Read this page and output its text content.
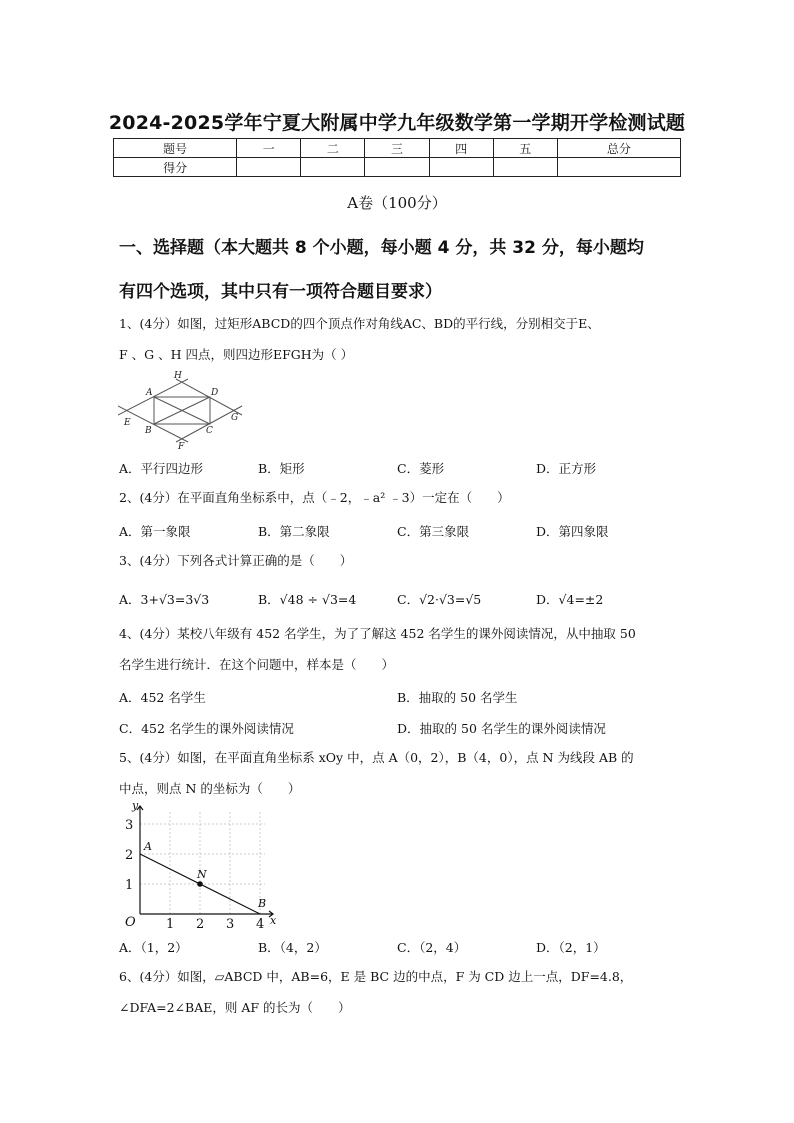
2024-2025学年宁夏大附属中学九年级数学第一学期开学检测试题
题号	一	二	三	四	五	总分
得分						
A卷（100分）
一、选择题（本大题共 8 个小题，每小题 4 分，共 32 分，每小题均
有四个选项，其中只有一项符合题目要求）
1、(4分）如图，过矩形ABCD的四个顶点作对角线AC、BD的平行线，分别相交于E、
F 、G 、H 四点，则四边形EFGH为（ ）
H
A	D
E	G
B	C
F
A．平行四边形	B．矩形	C．菱形	D．正方形
2、(4分）在平面直角坐标系中，点（﹣2，﹣a² ﹣3）一定在（　　）
A．第一象限	B．第二象限	C．第三象限	D．第四象限
3、(4分）下列各式计算正确的是（　　）
A．3+√3=3√3	B．√48 ÷ √3=4	C．√2·√3=√5	D．√4=±2
4、(4分）某校八年级有 452 名学生，为了了解这 452 名学生的课外阅读情况，从中抽取 50
名学生进行统计．在这个问题中，样本是（　　）
A．452 名学生	B．抽取的 50 名学生
C．452 名学生的课外阅读情况	D．抽取的 50 名学生的课外阅读情况
5、(4分）如图，在平面直角坐标系 xOy 中，点 A（0，2），B（4，0），点 N 为线段 AB 的
中点，则点 N 的坐标为（　　）
y
3
2
1
A
N
B
O 1 2 3 4 x
A．（1，2）	B．（4，2）	C．（2，4）	D．（2，1）
6、(4分）如图，▱ABCD 中，AB=6，E 是 BC 边的中点，F 为 CD 边上一点，DF=4.8，
∠DFA=2∠BAE，则 AF 的长为（　　）
